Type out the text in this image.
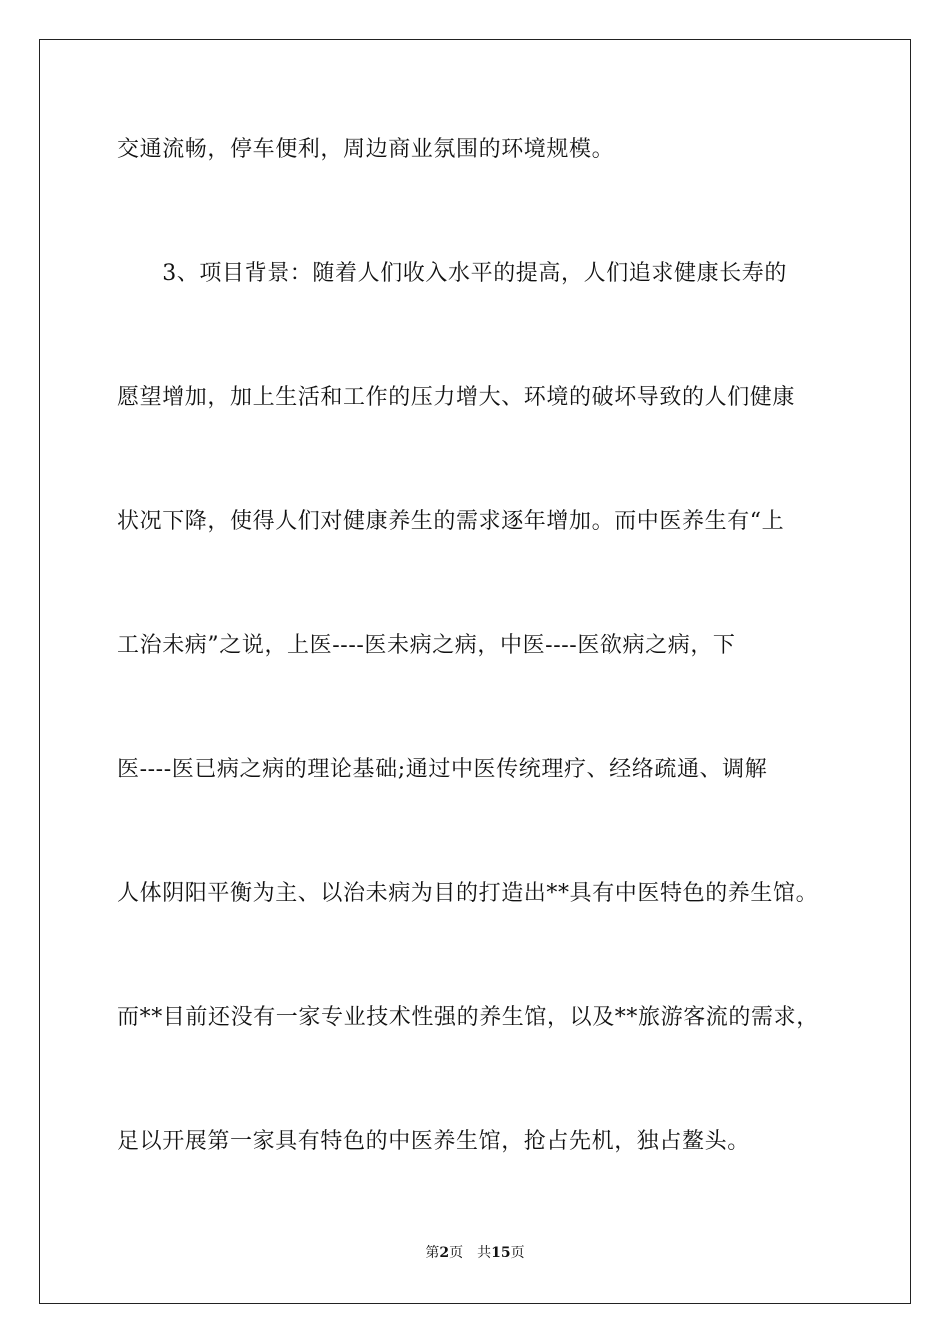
交通流畅，停车便利，周边商业氛围的环境规模。
　　3、项目背景：随着人们收入水平的提高，人们追求健康长寿的
愿望增加，加上生活和工作的压力增大、环境的破坏导致的人们健康
状况下降，使得人们对健康养生的需求逐年增加。而中医养生有“上
工治未病”之说，上医----医未病之病，中医----医欲病之病，下
医----医已病之病的理论基础;通过中医传统理疗、经络疏通、调解
人体阴阳平衡为主、以治未病为目的打造出**具有中医特色的养生馆。
而**目前还没有一家专业技术性强的养生馆，以及**旅游客流的需求，
足以开展第一家具有特色的中医养生馆，抢占先机，独占鳌头。
第2页　共15页
